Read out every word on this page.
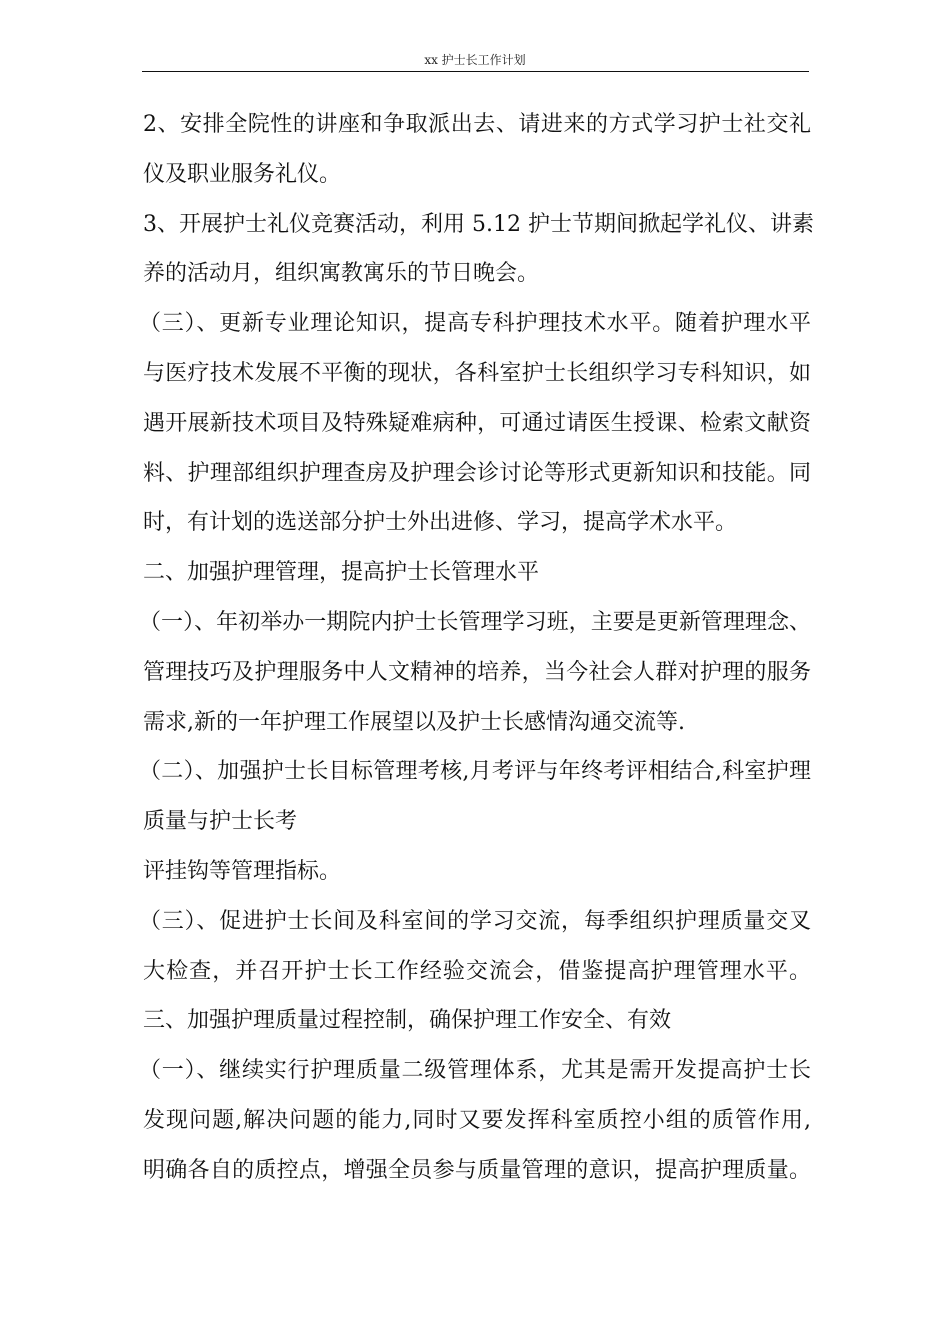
xx 护士长工作计划
2、安排全院性的讲座和争取派出去、请进来的方式学习护士社交礼
仪及职业服务礼仪。
3、开展护士礼仪竞赛活动，利用 5.12 护士节期间掀起学礼仪、讲素
养的活动月，组织寓教寓乐的节日晚会。
（三）、更新专业理论知识，提高专科护理技术水平。随着护理水平
与医疗技术发展不平衡的现状，各科室护士长组织学习专科知识，如
遇开展新技术项目及特殊疑难病种，可通过请医生授课、检索文献资
料、护理部组织护理查房及护理会诊讨论等形式更新知识和技能。同
时，有计划的选送部分护士外出进修、学习，提高学术水平。
二、加强护理管理，提高护士长管理水平
（一）、年初举办一期院内护士长管理学习班，主要是更新管理理念、
管理技巧及护理服务中人文精神的培养，当今社会人群对护理的服务
需求,新的一年护理工作展望以及护士长感情沟通交流等.
（二）、加强护士长目标管理考核,月考评与年终考评相结合,科室护理
质量与护士长考
评挂钩等管理指标。
（三）、促进护士长间及科室间的学习交流，每季组织护理质量交叉
大检查，并召开护士长工作经验交流会，借鉴提高护理管理水平。
三、加强护理质量过程控制，确保护理工作安全、有效
（一）、继续实行护理质量二级管理体系，尤其是需开发提高护士长
发现问题,解决问题的能力,同时又要发挥科室质控小组的质管作用,
明确各自的质控点，增强全员参与质量管理的意识，提高护理质量。
